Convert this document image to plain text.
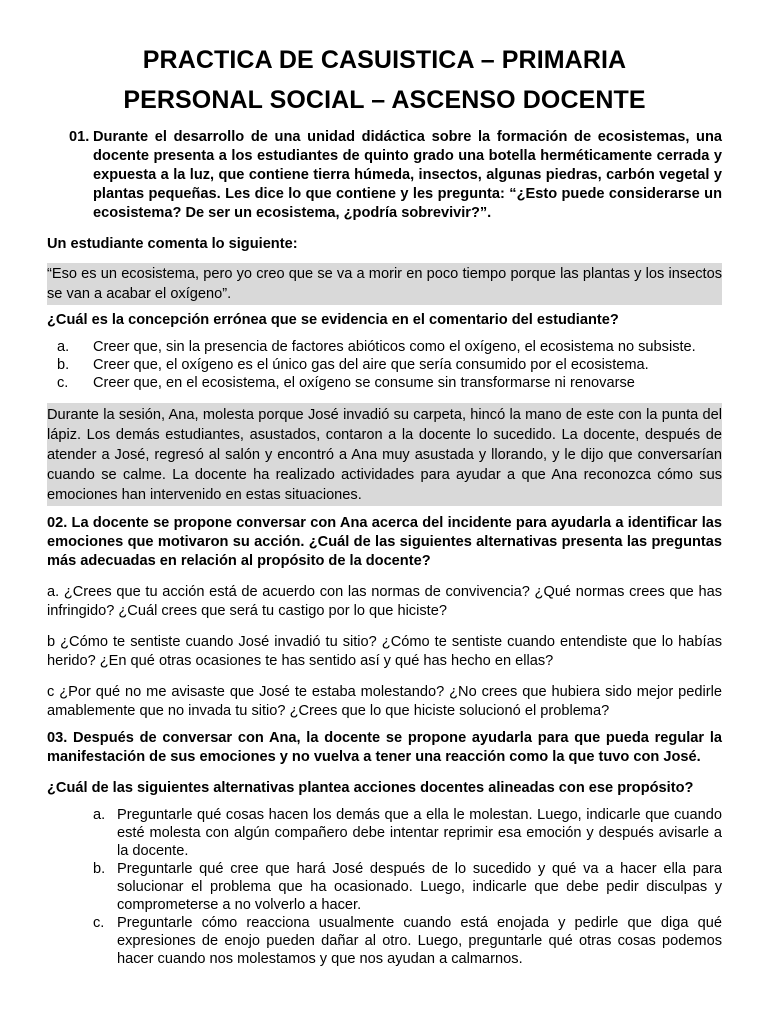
PRACTICA DE CASUISTICA – PRIMARIA
PERSONAL SOCIAL – ASCENSO DOCENTE
01. Durante el desarrollo de una unidad didáctica sobre la formación de ecosistemas, una docente presenta a los estudiantes de quinto grado una botella herméticamente cerrada y expuesta a la luz, que contiene tierra húmeda, insectos, algunas piedras, carbón vegetal y plantas pequeñas. Les dice lo que contiene y les pregunta: “¿Esto puede considerarse un ecosistema? De ser un ecosistema, ¿podría sobrevivir?”.
Un estudiante comenta lo siguiente:
“Eso es un ecosistema, pero yo creo que se va a morir en poco tiempo porque las plantas y los insectos se van a acabar el oxígeno”.
¿Cuál es la concepción errónea que se evidencia en el comentario del estudiante?
a.	Creer que, sin la presencia de factores abióticos como el oxígeno, el ecosistema no subsiste.
b.	Creer que, el oxígeno es el único gas del aire que sería consumido por el ecosistema.
c.	Creer que, en el ecosistema, el oxígeno se consume sin transformarse ni renovarse
Durante la sesión, Ana, molesta porque José invadió su carpeta, hincó la mano de este con la punta del lápiz. Los demás estudiantes, asustados, contaron a la docente lo sucedido. La docente, después de atender a José, regresó al salón y encontró a Ana muy asustada y llorando, y le dijo que conversarían cuando se calme. La docente ha realizado actividades para ayudar a que Ana reconozca cómo sus emociones han intervenido en estas situaciones.
02. La docente se propone conversar con Ana acerca del incidente para ayudarla a identificar las emociones que motivaron su acción. ¿Cuál de las siguientes alternativas presenta las preguntas más adecuadas en relación al propósito de la docente?
a. ¿Crees que tu acción está de acuerdo con las normas de convivencia? ¿Qué normas crees que has infringido? ¿Cuál crees que será tu castigo por lo que hiciste?
b ¿Cómo te sentiste cuando José invadió tu sitio? ¿Cómo te sentiste cuando entendiste que lo habías herido? ¿En qué otras ocasiones te has sentido así y qué has hecho en ellas?
c ¿Por qué no me avisaste que José te estaba molestando? ¿No crees que hubiera sido mejor pedirle amablemente que no invada tu sitio? ¿Crees que lo que hiciste solucionó el problema?
03. Después de conversar con Ana, la docente se propone ayudarla para que pueda regular la manifestación de sus emociones y no vuelva a tener una reacción como la que tuvo con José.
¿Cuál de las siguientes alternativas plantea acciones docentes alineadas con ese propósito?
a. Preguntarle qué cosas hacen los demás que a ella le molestan. Luego, indicarle que cuando esté molesta con algún compañero debe intentar reprimir esa emoción y después avisarle a la docente.
b. Preguntarle qué cree que hará José después de lo sucedido y qué va a hacer ella para solucionar el problema que ha ocasionado. Luego, indicarle que debe pedir disculpas y comprometerse a no volverlo a hacer.
c. Preguntarle cómo reacciona usualmente cuando está enojada y pedirle que diga qué expresiones de enojo pueden dañar al otro. Luego, preguntarle qué otras cosas podemos hacer cuando nos molestamos y que nos ayudan a calmarnos.
